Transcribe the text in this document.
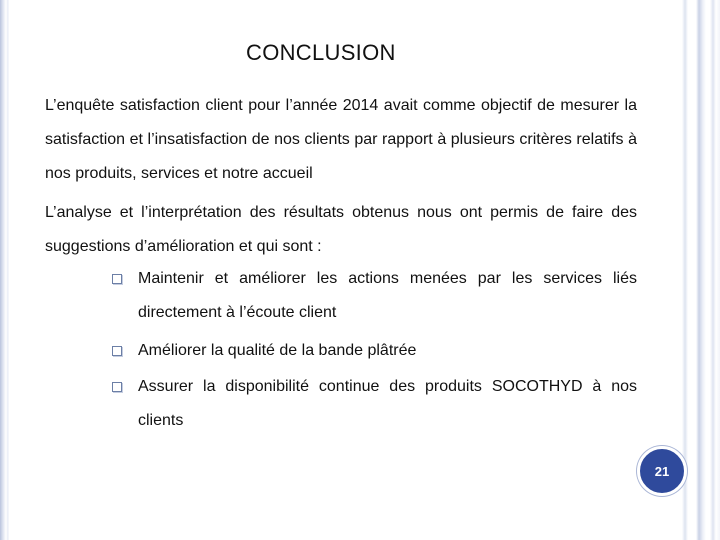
CONCLUSION
L’enquête satisfaction client pour l’année 2014 avait comme objectif de mesurer la satisfaction et l’insatisfaction de nos clients par rapport à plusieurs critères relatifs à nos produits, services et notre accueil
L’analyse et l’interprétation des résultats obtenus nous ont permis de faire des suggestions d’amélioration et qui sont :
Maintenir et améliorer les actions menées par les services liés directement à l’écoute client
Améliorer la qualité de la bande plâtrée
Assurer la disponibilité continue des produits SOCOTHYD à nos clients
21
